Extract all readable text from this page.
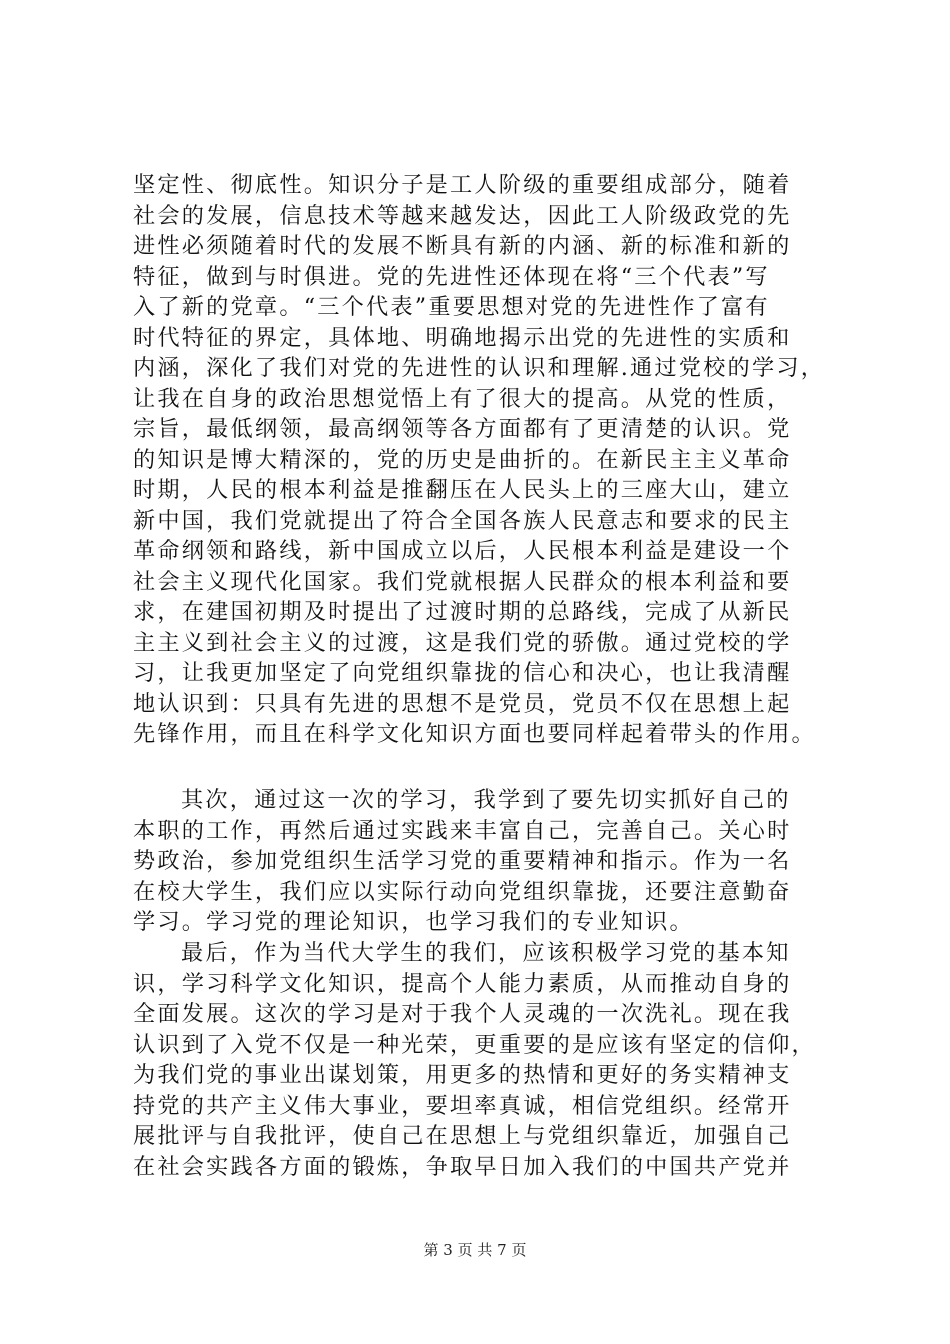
坚定性、彻底性。知识分子是工人阶级的重要组成部分，随着
社会的发展，信息技术等越来越发达，因此工人阶级政党的先
进性必须随着时代的发展不断具有新的内涵、新的标准和新的
特征，做到与时俱进。党的先进性还体现在将“三个代表”写
入了新的党章。“三个代表”重要思想对党的先进性作了富有
时代特征的界定，具体地、明确地揭示出党的先进性的实质和
内涵，深化了我们对党的先进性的认识和理解.通过党校的学习，
让我在自身的政治思想觉悟上有了很大的提高。从党的性质，
宗旨，最低纲领，最高纲领等各方面都有了更清楚的认识。党
的知识是博大精深的，党的历史是曲折的。在新民主主义革命
时期，人民的根本利益是推翻压在人民头上的三座大山，建立
新中国，我们党就提出了符合全国各族人民意志和要求的民主
革命纲领和路线，新中国成立以后，人民根本利益是建设一个
社会主义现代化国家。我们党就根据人民群众的根本利益和要
求，在建国初期及时提出了过渡时期的总路线，完成了从新民
主主义到社会主义的过渡，这是我们党的骄傲。通过党校的学
习，让我更加坚定了向党组织靠拢的信心和决心，也让我清醒
地认识到：只具有先进的思想不是党员，党员不仅在思想上起
先锋作用，而且在科学文化知识方面也要同样起着带头的作用。
其次，通过这一次的学习，我学到了要先切实抓好自己的
本职的工作，再然后通过实践来丰富自己，完善自己。关心时
势政治，参加党组织生活学习党的重要精神和指示。作为一名
在校大学生，我们应以实际行动向党组织靠拢，还要注意勤奋
学习。学习党的理论知识，也学习我们的专业知识。
最后，作为当代大学生的我们，应该积极学习党的基本知
识，学习科学文化知识，提高个人能力素质，从而推动自身的
全面发展。这次的学习是对于我个人灵魂的一次洗礼。现在我
认识到了入党不仅是一种光荣，更重要的是应该有坚定的信仰，
为我们党的事业出谋划策，用更多的热情和更好的务实精神支
持党的共产主义伟大事业，要坦率真诚，相信党组织。经常开
展批评与自我批评，使自己在思想上与党组织靠近，加强自己
在社会实践各方面的锻炼，争取早日加入我们的中国共产党并
第 3 页 共 7 页
